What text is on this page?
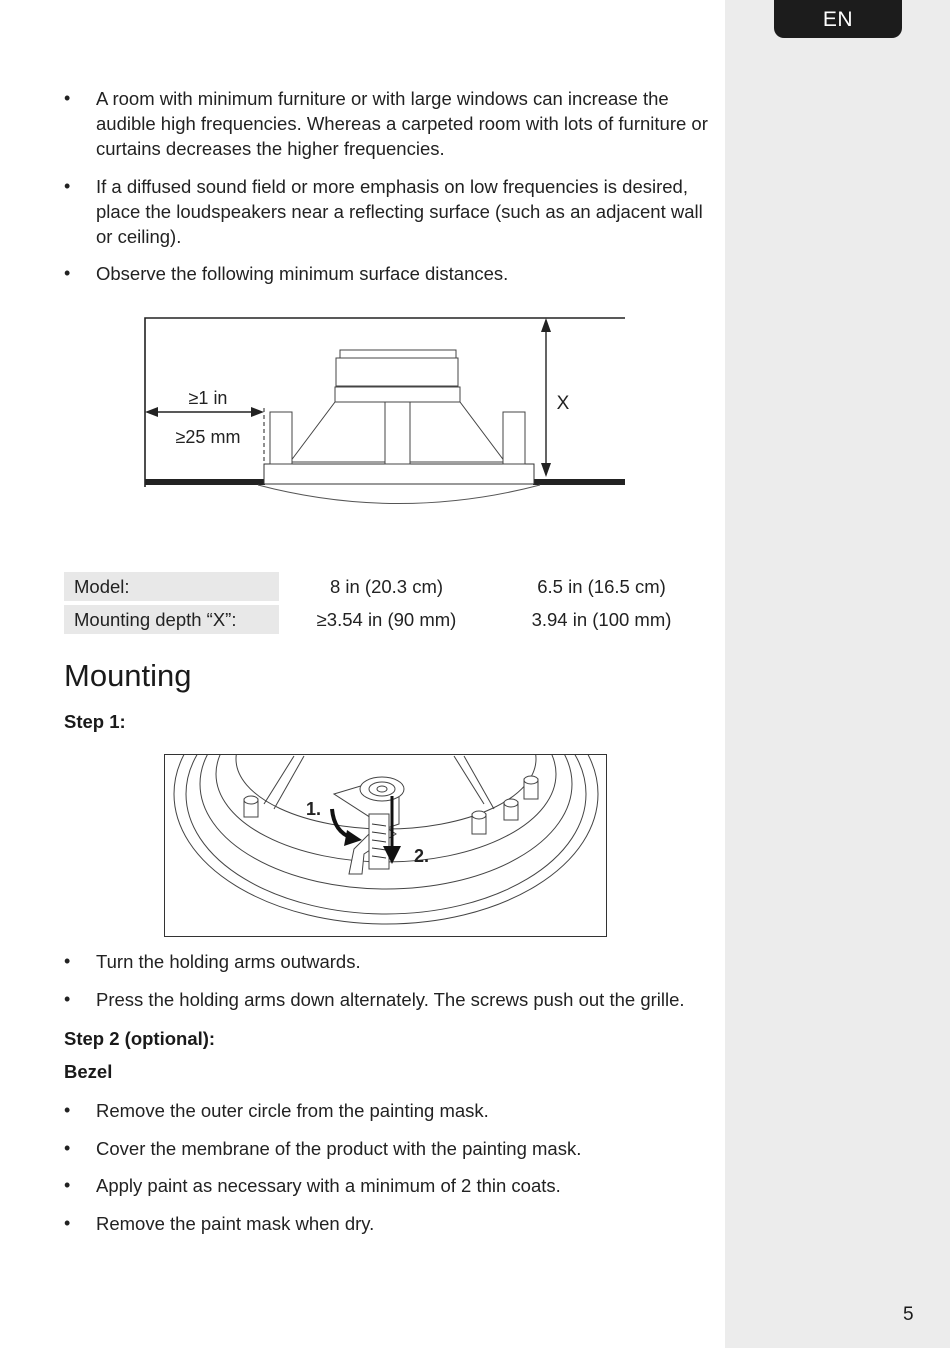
EN
• A room with minimum furniture or with large windows can increase the audible high frequencies. Whereas a carpeted room with lots of furniture or curtains decreases the higher frequencies.
• If a diffused sound field or more emphasis on low frequencies is desired, place the loudspeakers near a reflecting surface (such as an adjacent wall or ceiling).
• Observe the following minimum surface distances.
≥1 in
≥25 mm
X
Model:	8 in (20.3 cm)	6.5 in (16.5 cm)
Mounting depth “X”:	≥3.54 in (90 mm)	3.94 in (100 mm)
Mounting
Step 1:
1.
2.
• Turn the holding arms outwards.
• Press the holding arms down alternately. The screws push out the grille.
Step 2 (optional):
Bezel
• Remove the outer circle from the painting mask.
• Cover the membrane of the product with the painting mask.
• Apply paint as necessary with a minimum of 2 thin coats.
• Remove the paint mask when dry.
5
